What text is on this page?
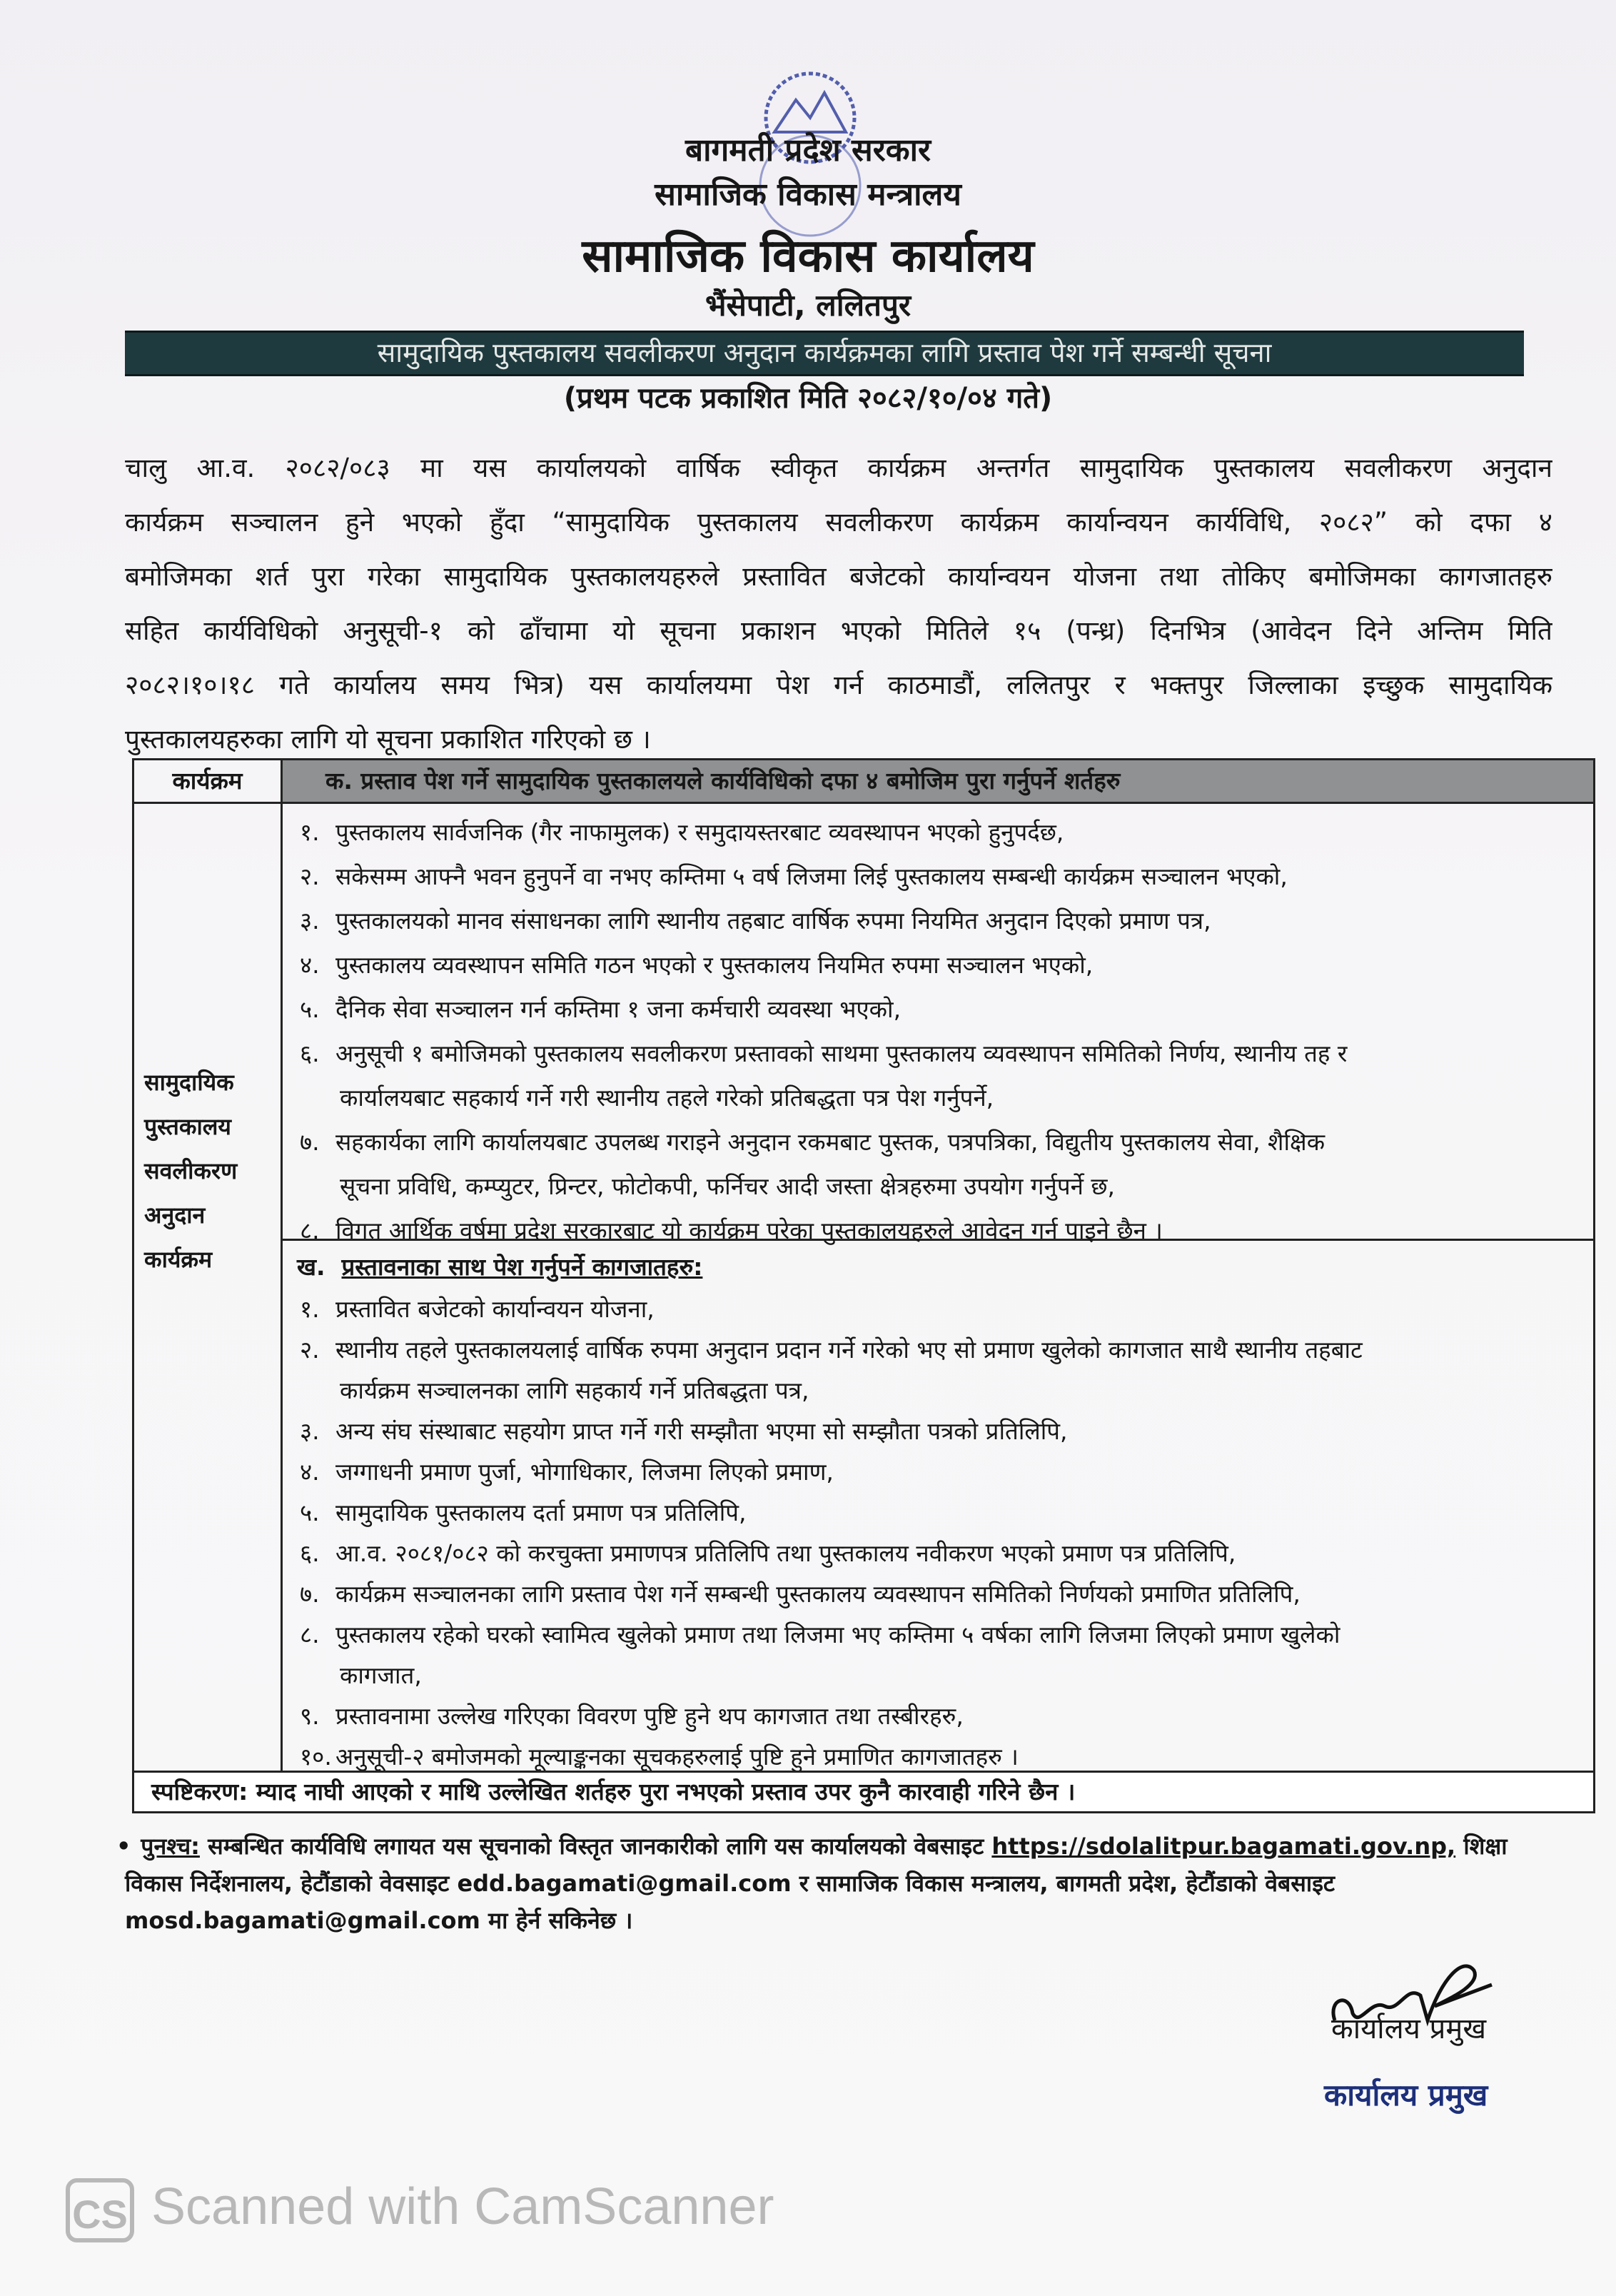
बागमती प्रदेश सरकार
सामाजिक विकास मन्त्रालय
सामाजिक विकास कार्यालय
भैंसेपाटी, ललितपुर
सामुदायिक पुस्तकालय सवलीकरण अनुदान कार्यक्रमका लागि प्रस्ताव पेश गर्ने सम्बन्धी सूचना
(प्रथम पटक प्रकाशित मिति २०८२/१०/०४ गते)
चालु आ.व. २०८२/०८३ मा यस कार्यालयको वार्षिक स्वीकृत कार्यक्रम अन्तर्गत सामुदायिक पुस्तकालय सवलीकरण अनुदान
कार्यक्रम सञ्चालन हुने भएको हुँदा “सामुदायिक पुस्तकालय सवलीकरण कार्यक्रम कार्यान्वयन कार्यविधि, २०८२” को दफा ४
बमोजिमका शर्त पुरा गरेका सामुदायिक पुस्तकालयहरुले प्रस्तावित बजेटको कार्यान्वयन योजना तथा तोकिए बमोजिमका कागजातहरु
सहित कार्यविधिको अनुसूची-१ को ढाँचामा यो सूचना प्रकाशन भएको मितिले १५ (पन्ध्र) दिनभित्र (आवेदन दिने अन्तिम मिति
२०८२।१०।१८ गते कार्यालय समय भित्र) यस कार्यालयमा पेश गर्न काठमाडौं, ललितपुर र भक्तपुर जिल्लाका इच्छुक सामुदायिक
पुस्तकालयहरुका लागि यो सूचना प्रकाशित गरिएको छ ।
कार्यक्रम	क. प्रस्ताव पेश गर्ने सामुदायिक पुस्तकालयले कार्यविधिको दफा ४ बमोजिम पुरा गर्नुपर्ने शर्तहरु
सामुदायिक
पुस्तकालय
सवलीकरण
अनुदान
कार्यक्रम
१. पुस्तकालय सार्वजनिक (गैर नाफामुलक) र समुदायस्तरबाट व्यवस्थापन भएको हुनुपर्दछ,
२. सकेसम्म आफ्नै भवन हुनुपर्ने वा नभए कम्तिमा ५ वर्ष लिजमा लिई पुस्तकालय सम्बन्धी कार्यक्रम सञ्चालन भएको,
३. पुस्तकालयको मानव संसाधनका लागि स्थानीय तहबाट वार्षिक रुपमा नियमित अनुदान दिएको प्रमाण पत्र,
४. पुस्तकालय व्यवस्थापन समिति गठन भएको र पुस्तकालय नियमित रुपमा सञ्चालन भएको,
५. दैनिक सेवा सञ्चालन गर्न कम्तिमा १ जना कर्मचारी व्यवस्था भएको,
६. अनुसूची १ बमोजिमको पुस्तकालय सवलीकरण प्रस्तावको साथमा पुस्तकालय व्यवस्थापन समितिको निर्णय, स्थानीय तह र
कार्यालयबाट सहकार्य गर्ने गरी स्थानीय तहले गरेको प्रतिबद्धता पत्र पेश गर्नुपर्ने,
७. सहकार्यका लागि कार्यालयबाट उपलब्ध गराइने अनुदान रकमबाट पुस्तक, पत्रपत्रिका, विद्युतीय पुस्तकालय सेवा, शैक्षिक
सूचना प्रविधि, कम्प्युटर, प्रिन्टर, फोटोकपी, फर्निचर आदी जस्ता क्षेत्रहरुमा उपयोग गर्नुपर्ने छ,
८. विगत आर्थिक वर्षमा प्रदेश सरकारबाट यो कार्यक्रम परेका पुस्तकालयहरुले आवेदन गर्न पाइने छैन ।
ख. प्रस्तावनाका साथ पेश गर्नुपर्ने कागजातहरु:
१. प्रस्तावित बजेटको कार्यान्वयन योजना,
२. स्थानीय तहले पुस्तकालयलाई वार्षिक रुपमा अनुदान प्रदान गर्ने गरेको भए सो प्रमाण खुलेको कागजात साथै स्थानीय तहबाट
कार्यक्रम सञ्चालनका लागि सहकार्य गर्ने प्रतिबद्धता पत्र,
३. अन्य संघ संस्थाबाट सहयोग प्राप्त गर्ने गरी सम्झौता भएमा सो सम्झौता पत्रको प्रतिलिपि,
४. जग्गाधनी प्रमाण पुर्जा, भोगाधिकार, लिजमा लिएको प्रमाण,
५. सामुदायिक पुस्तकालय दर्ता प्रमाण पत्र प्रतिलिपि,
६. आ.व. २०८१/०८२ को करचुक्ता प्रमाणपत्र प्रतिलिपि तथा पुस्तकालय नवीकरण भएको प्रमाण पत्र प्रतिलिपि,
७. कार्यक्रम सञ्चालनका लागि प्रस्ताव पेश गर्ने सम्बन्धी पुस्तकालय व्यवस्थापन समितिको निर्णयको प्रमाणित प्रतिलिपि,
८. पुस्तकालय रहेको घरको स्वामित्व खुलेको प्रमाण तथा लिजमा भए कम्तिमा ५ वर्षका लागि लिजमा लिएको प्रमाण खुलेको
कागजात,
९. प्रस्तावनामा उल्लेख गरिएका विवरण पुष्टि हुने थप कागजात तथा तस्बीरहरु,
१०. अनुसूची-२ बमोजमको मूल्याङ्कनका सूचकहरुलाई पुष्टि हुने प्रमाणित कागजातहरु ।
स्पष्टिकरण: म्याद नाघी आएको र माथि उल्लेखित शर्तहरु पुरा नभएको प्रस्ताव उपर कुनै कारवाही गरिने छैन ।
• पुनश्च: सम्बन्धित कार्यविधि लगायत यस सूचनाको विस्तृत जानकारीको लागि यस कार्यालयको वेबसाइट https://sdolalitpur.bagamati.gov.np, शिक्षा विकास निर्देशनालय, हेटौंडाको वेवसाइट edd.bagamati@gmail.com र सामाजिक विकास मन्त्रालय, बागमती प्रदेश, हेटौंडाको वेबसाइट mosd.bagamati@gmail.com मा हेर्न सकिनेछ ।
कार्यालय प्रमुख
कार्यालय प्रमुख
CS Scanned with CamScanner
